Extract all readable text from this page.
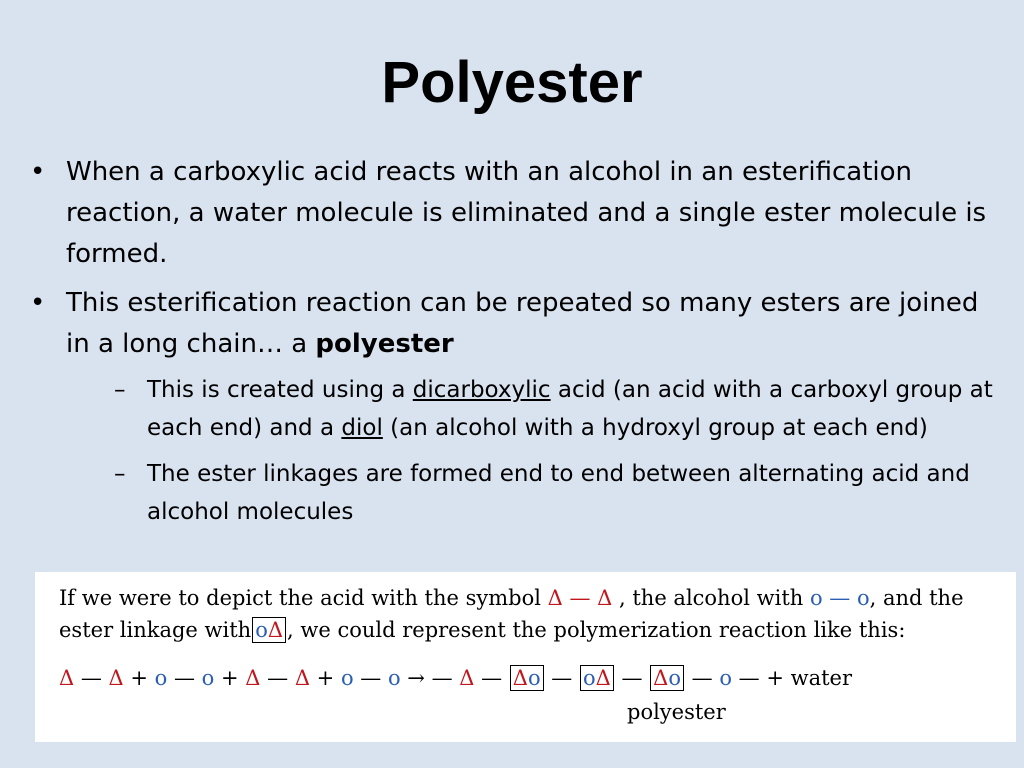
Polyester
• When a carboxylic acid reacts with an alcohol in an esterification reaction, a water molecule is eliminated and a single ester molecule is formed.
• This esterification reaction can be repeated so many esters are joined in a long chain… a polyester
– This is created using a dicarboxylic acid (an acid with a carboxyl group at each end) and a diol (an alcohol with a hydroxyl group at each end)
– The ester linkages are formed end to end between alternating acid and alcohol molecules
If we were to depict the acid with the symbol Δ — Δ , the alcohol with o — o, and the
ester linkage with oΔ , we could represent the polymerization reaction like this:
Δ — Δ + o — o + Δ — Δ + o — o → — Δ — Δo — oΔ — Δo — o — + water
polyester
